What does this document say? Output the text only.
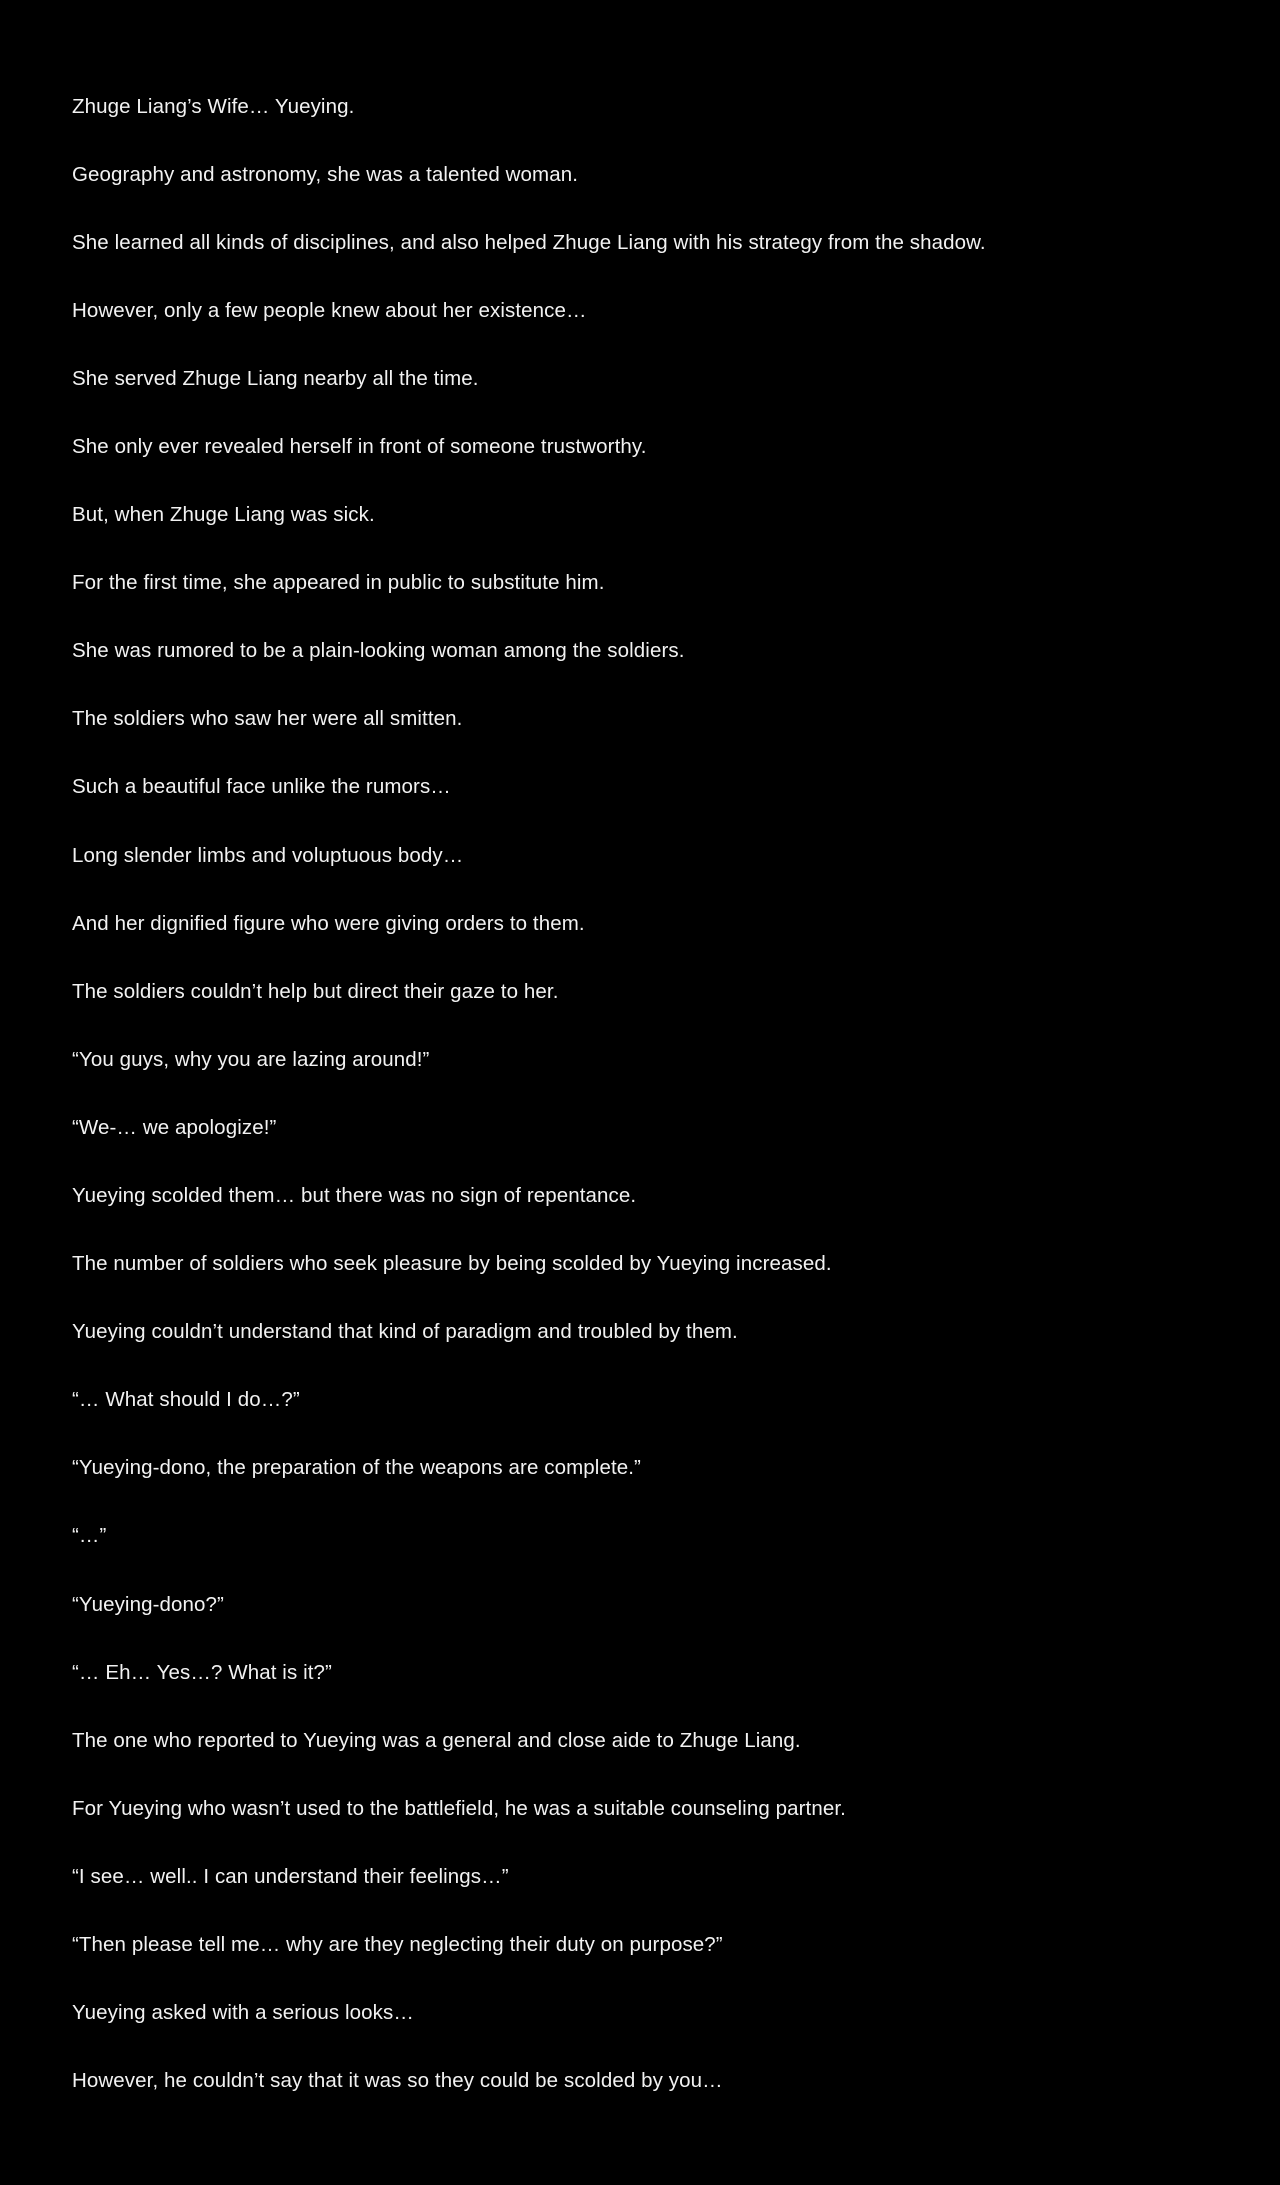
Zhuge Liang’s Wife… Yueying.

Geography and astronomy, she was a talented woman.

She learned all kinds of disciplines, and also helped Zhuge Liang with his strategy from the shadow.

However, only a few people knew about her existence…

She served Zhuge Liang nearby all the time.

She only ever revealed herself in front of someone trustworthy.

But, when Zhuge Liang was sick.

For the first time, she appeared in public to substitute him.

She was rumored to be a plain-looking woman among the soldiers.

The soldiers who saw her were all smitten.

Such a beautiful face unlike the rumors…

Long slender limbs and voluptuous body…

And her dignified figure who were giving orders to them.

The soldiers couldn’t help but direct their gaze to her.

“You guys, why you are lazing around!”

“We-… we apologize!”

Yueying scolded them… but there was no sign of repentance.

The number of soldiers who seek pleasure by being scolded by Yueying increased.

Yueying couldn’t understand that kind of paradigm and troubled by them.

“… What should I do…?”

“Yueying-dono, the preparation of the weapons are complete.”

“…”

“Yueying-dono?”

“… Eh… Yes…? What is it?”

The one who reported to Yueying was a general and close aide to Zhuge Liang.

For Yueying who wasn’t used to the battlefield, he was a suitable counseling partner.

“I see… well.. I can understand their feelings…”

“Then please tell me… why are they neglecting their duty on purpose?”

Yueying asked with a serious looks…

However, he couldn’t say that it was so they could be scolded by you…
